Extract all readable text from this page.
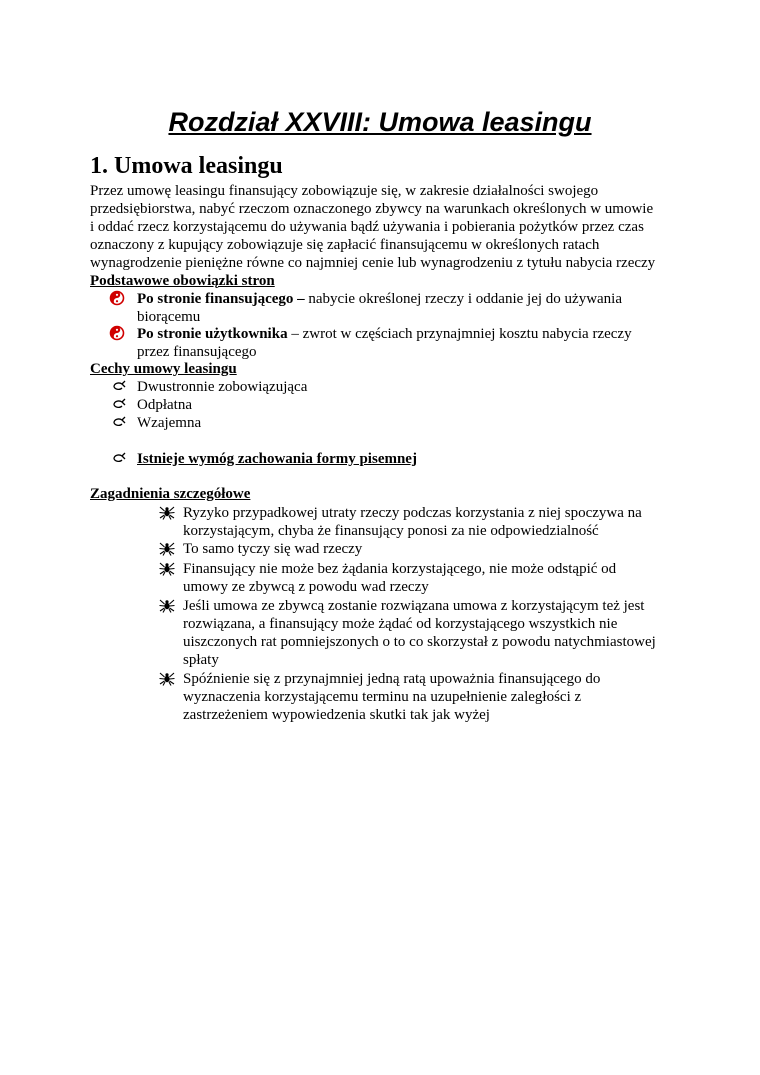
Rozdział XXVIII: Umowa leasingu
1. Umowa leasingu
Przez umowę leasingu finansujący zobowiązuje się, w zakresie działalności swojego
przedsiębiorstwa, nabyć rzeczom oznaczonego zbywcy na warunkach określonych w umowie
i oddać rzecz korzystającemu do używania bądź używania i pobierania pożytków przez czas
oznaczony z kupujący zobowiązuje się zapłacić finansującemu w określonych ratach
wynagrodzenie pieniężne równe co najmniej cenie lub wynagrodzeniu z tytułu nabycia rzeczy
Podstawowe obowiązki stron
Po stronie finansującego – nabycie określonej rzeczy i oddanie jej do używania
biorącemu
Po stronie użytkownika – zwrot w częściach przynajmniej kosztu nabycia rzeczy
przez finansującego
Cechy umowy leasingu
Dwustronnie zobowiązująca
Odpłatna
Wzajemna
Istnieje wymóg zachowania formy pisemnej
Zagadnienia szczegółowe
Ryzyko przypadkowej utraty rzeczy podczas korzystania z niej spoczywa na
korzystającym, chyba że finansujący ponosi za nie odpowiedzialność
To samo tyczy się wad rzeczy
Finansujący nie może bez żądania korzystającego, nie może odstąpić od
umowy ze zbywcą z powodu wad rzeczy
Jeśli umowa ze zbywcą zostanie rozwiązana umowa z korzystającym też jest
rozwiązana, a finansujący może żądać od korzystającego wszystkich nie
uiszczonych rat pomniejszonych o to co skorzystał z powodu natychmiastowej
spłaty
Spóźnienie się z przynajmniej jedną ratą upoważnia finansującego do
wyznaczenia korzystającemu terminu na uzupełnienie zaległości z
zastrzeżeniem wypowiedzenia skutki tak jak wyżej
